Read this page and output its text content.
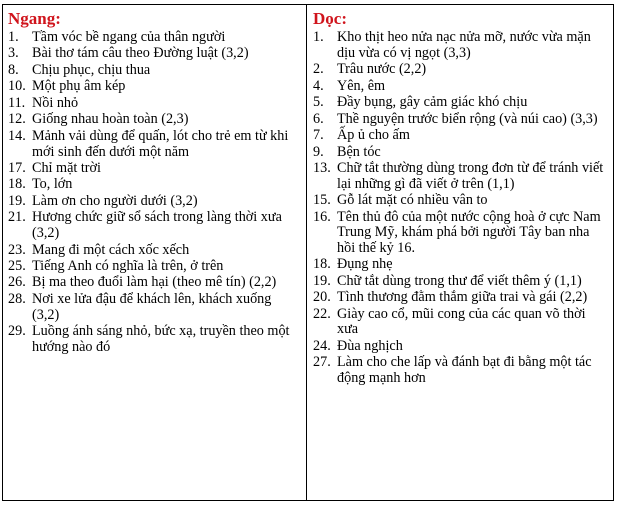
Ngang:
1. Tầm vóc bề ngang của thân người
3. Bài thơ tám câu theo Đường luật (3,2)
8. Chịu phục, chịu thua
10. Một phụ âm kép
11. Nồi nhỏ
12. Giống nhau hoàn toàn (2,3)
14. Mảnh vải dùng để quấn, lót cho trẻ em từ khi mới sinh đến dưới một năm
17. Chỉ mặt trời
18. To, lớn
19. Làm ơn cho người dưới (3,2)
21. Hương chức giữ sổ sách trong làng thời xưa (3,2)
23. Mang đi một cách xốc xếch
25. Tiếng Anh có nghĩa là trên, ở trên
26. Bị ma theo đuổi làm hại (theo mê tín) (2,2)
28. Nơi xe lửa đậu để khách lên, khách xuống (3,2)
29. Luồng ánh sáng nhỏ, bức xạ, truyền theo một hướng nào đó
Dọc:
1. Kho thịt heo nửa nạc nửa mỡ, nước vừa mặn dịu vừa có vị ngọt (3,3)
2. Trâu nước (2,2)
4. Yên, êm
5. Đầy bụng, gây cảm giác khó chịu
6. Thề nguyện trước biển rộng (và núi cao) (3,3)
7. Ấp ủ cho ấm
9. Bện tóc
13. Chữ tắt thường dùng trong đơn từ để tránh viết lại những gì đã viết ở trên (1,1)
15. Gỗ lát mặt có nhiều vân to
16. Tên thủ đô của một nước cộng hoà ở cực Nam Trung Mỹ, khám phá bởi người Tây ban nha hồi thế kỷ 16.
18. Đụng nhẹ
19. Chữ tắt dùng trong thư để viết thêm ý (1,1)
20. Tình thương đằm thắm giữa trai và gái (2,2)
22. Giày cao cổ, mũi cong của các quan võ thời xưa
24. Đùa nghịch
27. Làm cho che lấp và đánh bạt đi bằng một tác động mạnh hơn
